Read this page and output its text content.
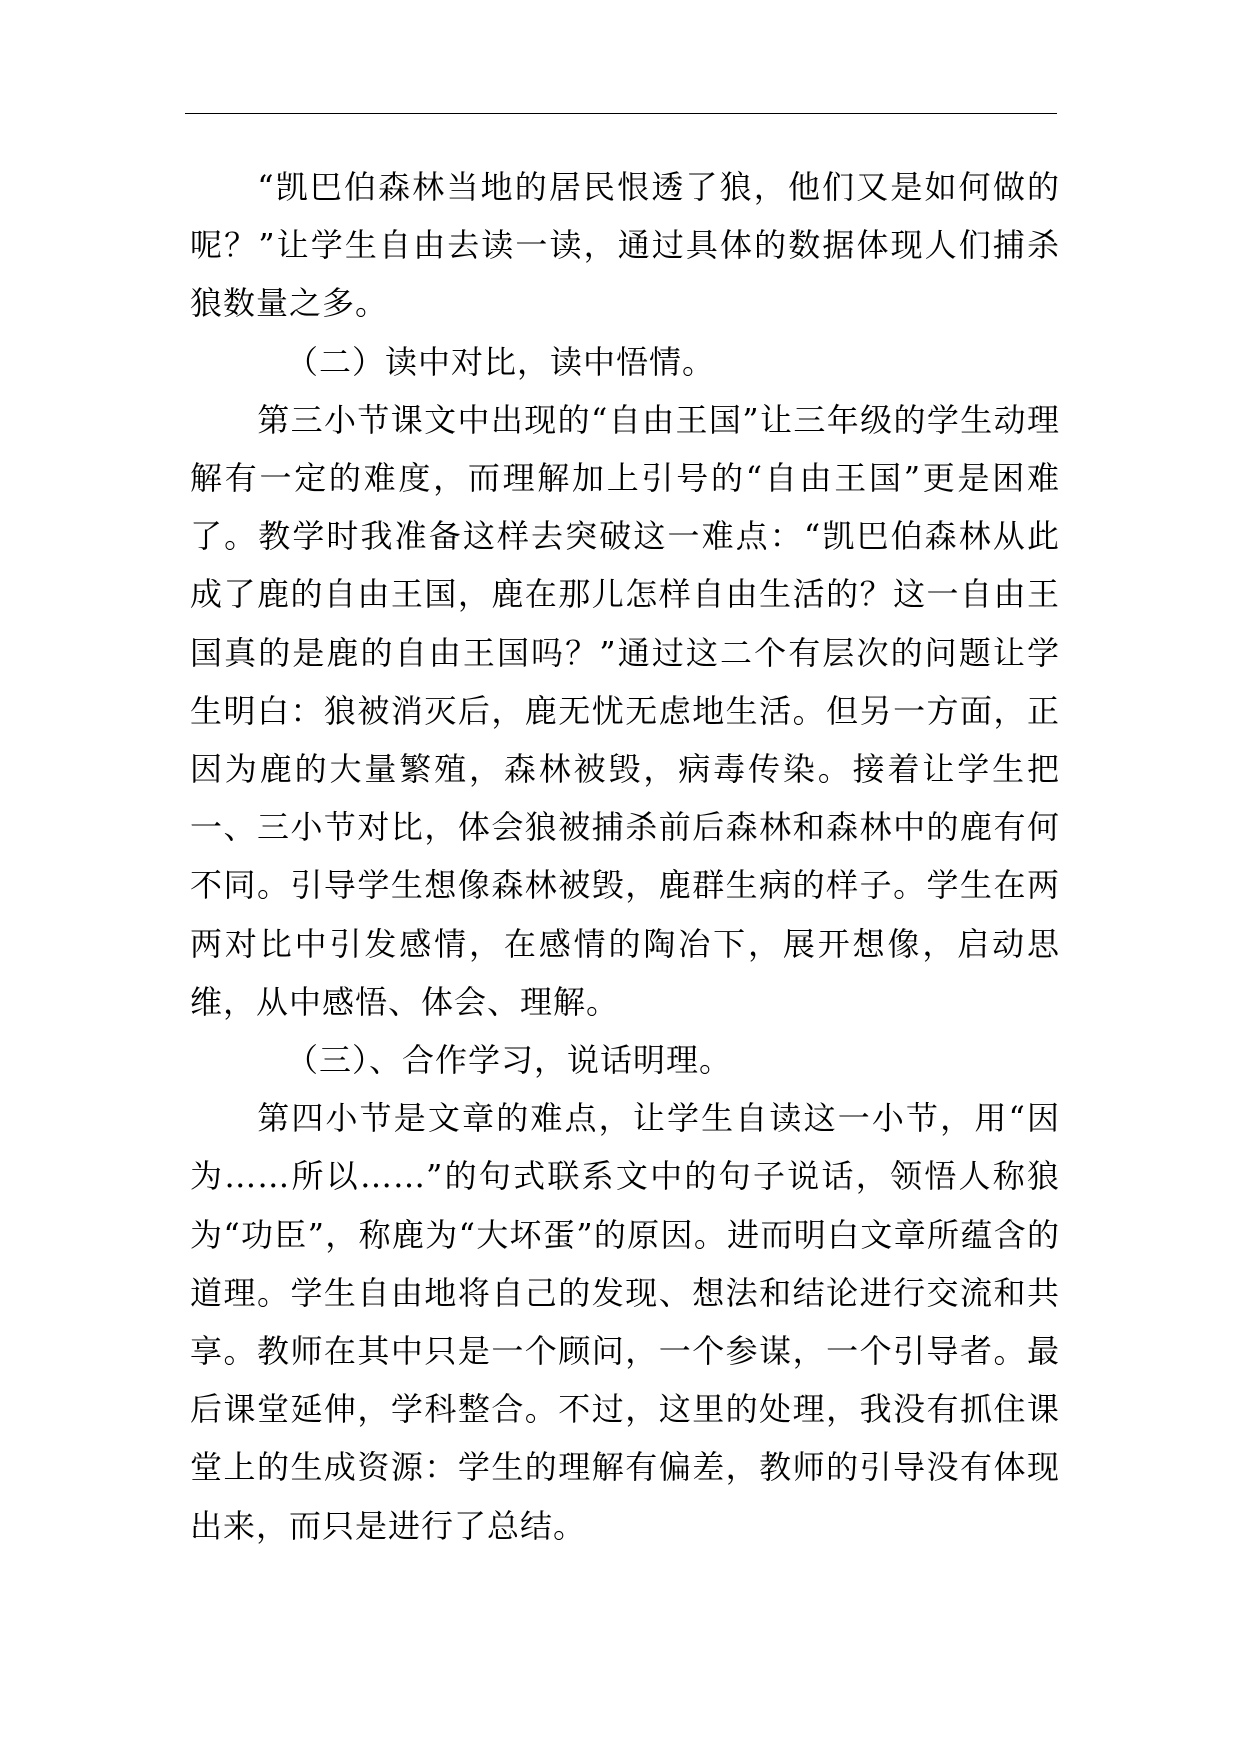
“凯巴伯森林当地的居民恨透了狼，他们又是如何做的呢？”让学生自由去读一读，通过具体的数据体现人们捕杀狼数量之多。

（二）读中对比，读中悟情。

第三小节课文中出现的“自由王国”让三年级的学生动理解有一定的难度，而理解加上引号的“自由王国”更是困难了。教学时我准备这样去突破这一难点：“凯巴伯森林从此成了鹿的自由王国，鹿在那儿怎样自由生活的？这一自由王国真的是鹿的自由王国吗？”通过这二个有层次的问题让学生明白：狼被消灭后，鹿无忧无虑地生活。但另一方面，正因为鹿的大量繁殖，森林被毁，病毒传染。接着让学生把一、三小节对比，体会狼被捕杀前后森林和森林中的鹿有何不同。引导学生想像森林被毁，鹿群生病的样子。学生在两两对比中引发感情，在感情的陶冶下，展开想像，启动思维，从中感悟、体会、理解。

（三）、合作学习，说话明理。

第四小节是文章的难点，让学生自读这一小节，用“因为……所以……”的句式联系文中的句子说话，领悟人称狼为“功臣”，称鹿为“大坏蛋”的原因。进而明白文章所蕴含的道理。学生自由地将自己的发现、想法和结论进行交流和共享。教师在其中只是一个顾问，一个参谋，一个引导者。最后课堂延伸，学科整合。不过，这里的处理，我没有抓住课堂上的生成资源：学生的理解有偏差，教师的引导没有体现出来，而只是进行了总结。
